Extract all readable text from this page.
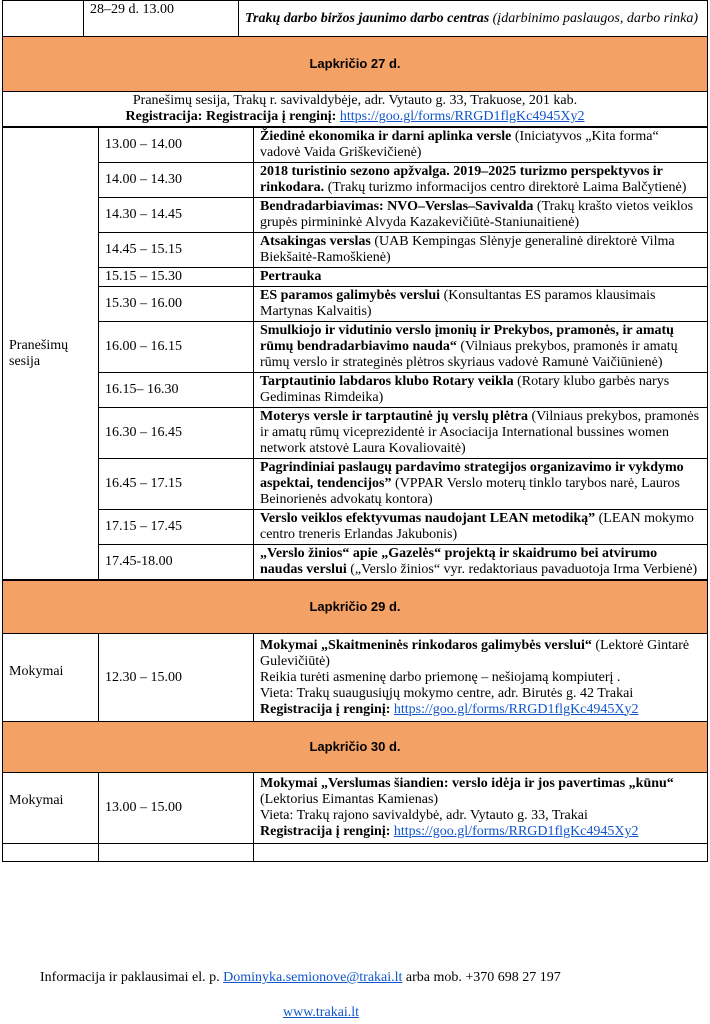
	28–29 d. 13.00	Trakų darbo biržos jaunimo darbo centras (įdarbinimo paslaugos, darbo rinka)
Lapkričio 27 d.

Pranešimų sesija, Trakų r. savivaldybėje, adr. Vytauto g. 33, Trakuose, 201 kab.
Registracija: Registracija į renginį: https://goo.gl/forms/RRGD1flgKc4945Xy2
Pranešimų sesija	13.00 – 14.00	Žiedinė ekonomika ir darni aplinka versle (Iniciatyvos „Kita forma“ vadovė Vaida Griškevičienė)
	14.00 – 14.30	2018 turistinio sezono apžvalga. 2019–2025 turizmo perspektyvos ir rinkodara. (Trakų turizmo informacijos centro direktorė Laima Balčytienė)
	14.30 – 14.45	Bendradarbiavimas: NVO–Verslas–Savivalda (Trakų krašto vietos veiklos grupės pirmininkė Alvyda Kazakevičiūtė-Staniunaitienė)
	14.45 – 15.15	Atsakingas verslas (UAB Kempingas Slėnyje generalinė direktorė Vilma Biekšaitė-Ramoškienė)
	15.15 – 15.30	Pertrauka
	15.30 – 16.00	ES paramos galimybės verslui (Konsultantas ES paramos klausimais Martynas Kalvaitis)
	16.00 – 16.15	Smulkiojo ir vidutinio verslo įmonių ir Prekybos, pramonės, ir amatų rūmų bendradarbiavimo nauda“ (Vilniaus prekybos, pramonės ir amatų rūmų verslo ir strateginės plėtros skyriaus vadovė Ramunė Vaičiūnienė)
	16.15– 16.30	Tarptautinio labdaros klubo Rotary veikla (Rotary klubo garbės narys Gediminas Rimdeika)
	16.30 – 16.45	Moterys versle ir tarptautinė jų verslų plėtra (Vilniaus prekybos, pramonės ir amatų rūmų viceprezidentė ir Asociacija International bussines women network atstovė Laura Kovaliovaitė)
	16.45 – 17.15	Pagrindiniai paslaugų pardavimo strategijos organizavimo ir vykdymo aspektai, tendencijos” (VPPAR Verslo moterų tinklo tarybos narė, Lauros Beinorienės advokatų kontora)
	17.15 – 17.45	Verslo veiklos efektyvumas naudojant LEAN metodiką” (LEAN mokymo centro treneris Erlandas Jakubonis)
	17.45-18.00	„Verslo žinios“ apie „Gazelės“ projektą ir skaidrumo bei atvirumo naudas verslui („Verslo žinios“ vyr. redaktoriaus pavaduotoja Irma Verbienė)
Lapkričio 29 d.		
Mokymai	12.30 – 15.00	Mokymai „Skaitmeninės rinkodaros galimybės verslui“ (Lektorė Gintarė Gulevičiūtė)
Reikia turėti asmeninę darbo priemonę – nešiojamą kompiuterį .
Vieta: Trakų suaugusiųjų mokymo centre, adr. Birutės g. 42 Trakai
Registracija į renginį: https://goo.gl/forms/RRGD1flgKc4945Xy2

Lapkričio 30 d.		
Mokymai	13.00 – 15.00	Mokymai „Verslumas šiandien: verslo idėja ir jos pavertimas „kūnu“ (Lektorius Eimantas Kamienas)
Vieta: Trakų rajono savivaldybė, adr. Vytauto g. 33, Trakai
Registracija į renginį: https://goo.gl/forms/RRGD1flgKc4945Xy2

Informacija ir paklausimai el. p. Dominyka.semionove@trakai.lt arba mob. +370 698 27 197
www.trakai.lt
